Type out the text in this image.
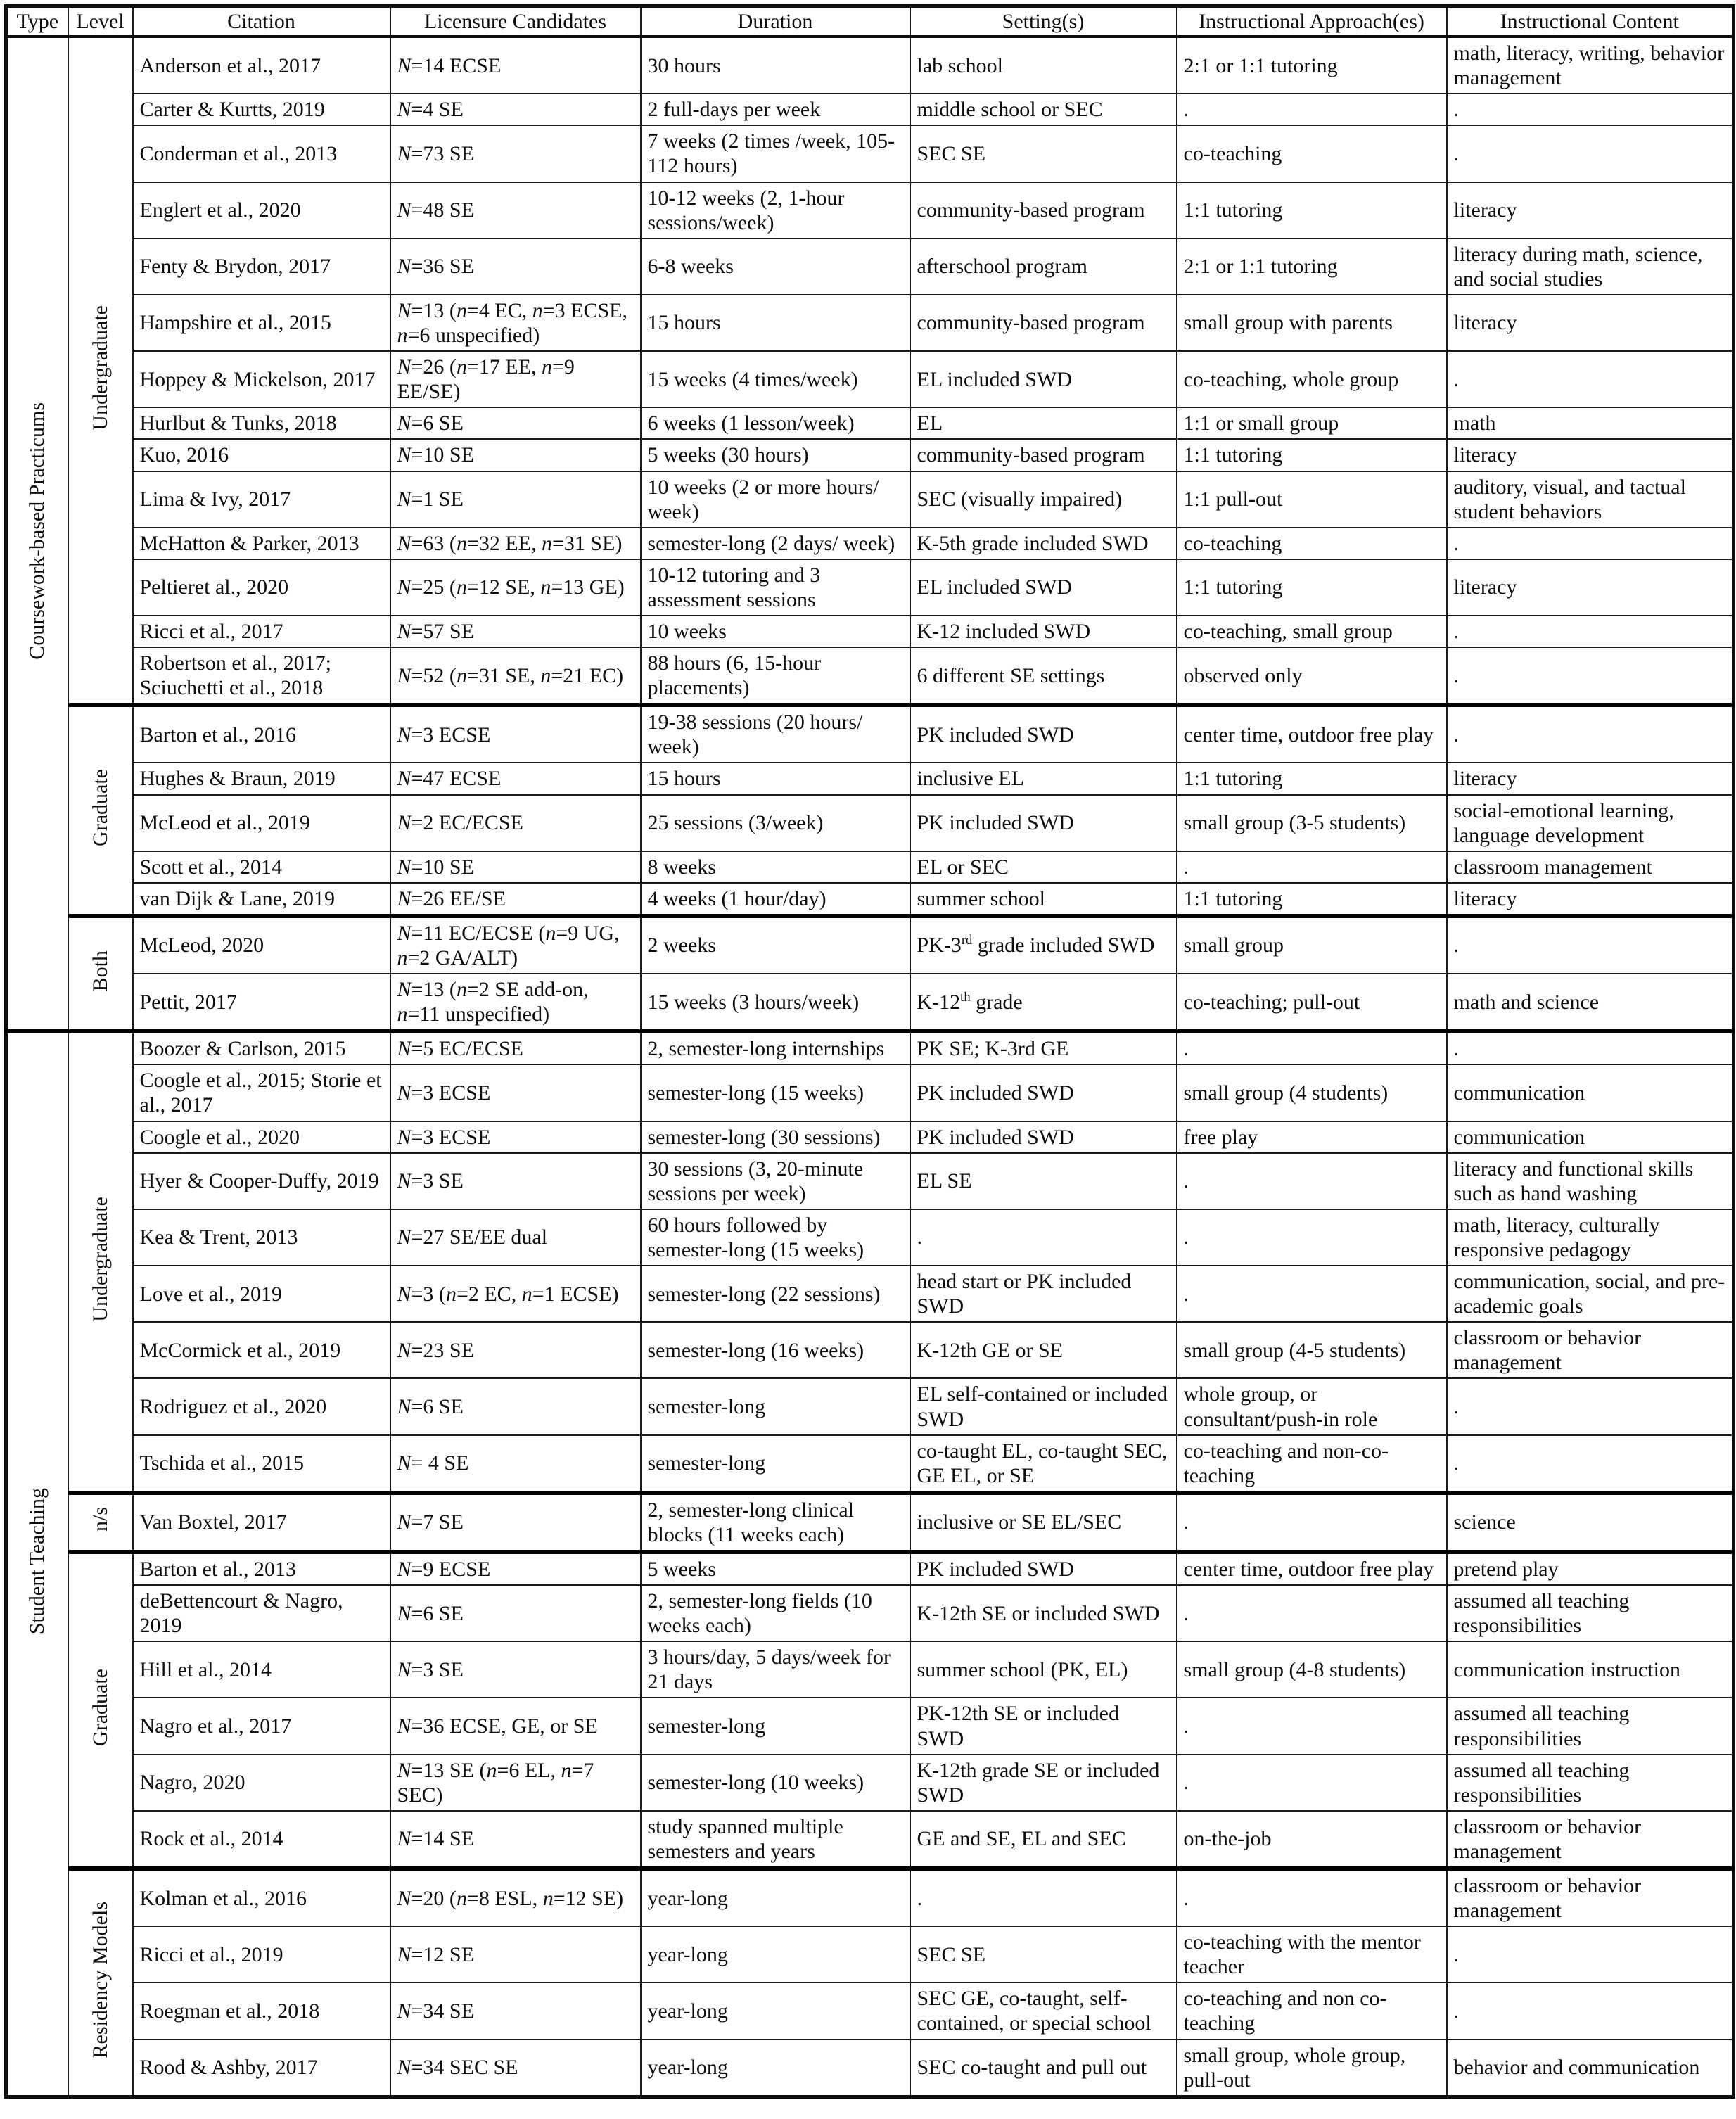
Type	Level	Citation	Licensure Candidates	Duration	Setting(s)	Instructional Approach(es)	Instructional Content
Coursework-based Practicums	Undergraduate	Anderson et al., 2017	N=14 ECSE	30 hours	lab school	2:1 or 1:1 tutoring	math, literacy, writing, behavior management
		Carter & Kurtts, 2019	N=4 SE	2 full-days per week	middle school or SEC	.	.
		Conderman et al., 2013	N=73 SE	7 weeks (2 times /week, 105-112 hours)	SEC SE	co-teaching	.
		Englert et al., 2020	N=48 SE	10-12 weeks (2, 1-hour sessions/week)	community-based program	1:1 tutoring	literacy
		Fenty & Brydon, 2017	N=36 SE	6-8 weeks	afterschool program	2:1 or 1:1 tutoring	literacy during math, science, and social studies
		Hampshire et al., 2015	N=13 (n=4 EC, n=3 ECSE, n=6 unspecified)	15 hours	community-based program	small group with parents	literacy
		Hoppey & Mickelson, 2017	N=26 (n=17 EE, n=9 EE/SE)	15 weeks (4 times/week)	EL included SWD	co-teaching, whole group	.
		Hurlbut & Tunks, 2018	N=6 SE	6 weeks (1 lesson/week)	EL	1:1 or small group	math
		Kuo, 2016	N=10 SE	5 weeks (30 hours)	community-based program	1:1 tutoring	literacy
		Lima & Ivy, 2017	N=1 SE	10 weeks (2 or more hours/ week)	SEC (visually impaired)	1:1 pull-out	auditory, visual, and tactual student behaviors
		McHatton & Parker, 2013	N=63 (n=32 EE, n=31 SE)	semester-long (2 days/ week)	K-5th grade included SWD	co-teaching	.
		Peltieret al., 2020	N=25 (n=12 SE, n=13 GE)	10-12 tutoring and 3 assessment sessions	EL included SWD	1:1 tutoring	literacy
		Ricci et al., 2017	N=57 SE	10 weeks	K-12 included SWD	co-teaching, small group	.
		Robertson et al., 2017; Sciuchetti et al., 2018	N=52 (n=31 SE, n=21 EC)	88 hours (6, 15-hour placements)	6 different SE settings	observed only	.
	Graduate	Barton et al., 2016	N=3 ECSE	19-38 sessions (20 hours/ week)	PK included SWD	center time, outdoor free play	.
		Hughes & Braun, 2019	N=47 ECSE	15 hours	inclusive EL	1:1 tutoring	literacy
		McLeod et al., 2019	N=2 EC/ECSE	25 sessions (3/week)	PK included SWD	small group (3-5 students)	social-emotional learning, language development
		Scott et al., 2014	N=10 SE	8 weeks	EL or SEC	.	classroom management
		van Dijk & Lane, 2019	N=26 EE/SE	4 weeks (1 hour/day)	summer school	1:1 tutoring	literacy
	Both	McLeod, 2020	N=11 EC/ECSE (n=9 UG, n=2 GA/ALT)	2 weeks	PK-3rd grade included SWD	small group	.
		Pettit, 2017	N=13 (n=2 SE add-on, n=11 unspecified)	15 weeks (3 hours/week)	K-12th grade	co-teaching; pull-out	math and science
Student Teaching	Undergraduate	Boozer & Carlson, 2015	N=5 EC/ECSE	2, semester-long internships	PK SE; K-3rd GE	.	.
		Coogle et al., 2015; Storie et al., 2017	N=3 ECSE	semester-long (15 weeks)	PK included SWD	small group (4 students)	communication
		Coogle et al., 2020	N=3 ECSE	semester-long (30 sessions)	PK included SWD	free play	communication
		Hyer & Cooper-Duffy, 2019	N=3 SE	30 sessions (3, 20-minute sessions per week)	EL SE	.	literacy and functional skills such as hand washing
		Kea & Trent, 2013	N=27 SE/EE dual	60 hours followed by semester-long (15 weeks)	.	.	math, literacy, culturally responsive pedagogy
		Love et al., 2019	N=3 (n=2 EC, n=1 ECSE)	semester-long (22 sessions)	head start or PK included SWD	.	communication, social, and pre-academic goals
		McCormick et al., 2019	N=23 SE	semester-long (16 weeks)	K-12th GE or SE	small group (4-5 students)	classroom or behavior management
		Rodriguez et al., 2020	N=6 SE	semester-long	EL self-contained or included SWD	whole group, or consultant/push-in role	.
		Tschida et al., 2015	N= 4 SE	semester-long	co-taught EL, co-taught SEC, GE EL, or SE	co-teaching and non-co-teaching	.
	n/s	Van Boxtel, 2017	N=7 SE	2, semester-long clinical blocks (11 weeks each)	inclusive or SE EL/SEC	.	science
	Graduate	Barton et al., 2013	N=9 ECSE	5 weeks	PK included SWD	center time, outdoor free play	pretend play
		deBettencourt & Nagro, 2019	N=6 SE	2, semester-long fields (10 weeks each)	K-12th SE or included SWD	.	assumed all teaching responsibilities
		Hill et al., 2014	N=3 SE	3 hours/day, 5 days/week for 21 days	summer school (PK, EL)	small group (4-8 students)	communication instruction
		Nagro et al., 2017	N=36 ECSE, GE, or SE	semester-long	PK-12th SE or included SWD	.	assumed all teaching responsibilities
		Nagro, 2020	N=13 SE (n=6 EL, n=7 SEC)	semester-long (10 weeks)	K-12th grade SE or included SWD	.	assumed all teaching responsibilities
		Rock et al., 2014	N=14 SE	study spanned multiple semesters and years	GE and SE, EL and SEC	on-the-job	classroom or behavior management
	Residency Models	Kolman et al., 2016	N=20 (n=8 ESL, n=12 SE)	year-long	.	.	classroom or behavior management
		Ricci et al., 2019	N=12 SE	year-long	SEC SE	co-teaching with the mentor teacher	.
		Roegman et al., 2018	N=34 SE	year-long	SEC GE, co-taught, self-contained, or special school	co-teaching and non co-teaching	.
		Rood & Ashby, 2017	N=34 SEC SE	year-long	SEC co-taught and pull out	small group, whole group, pull-out	behavior and communication
